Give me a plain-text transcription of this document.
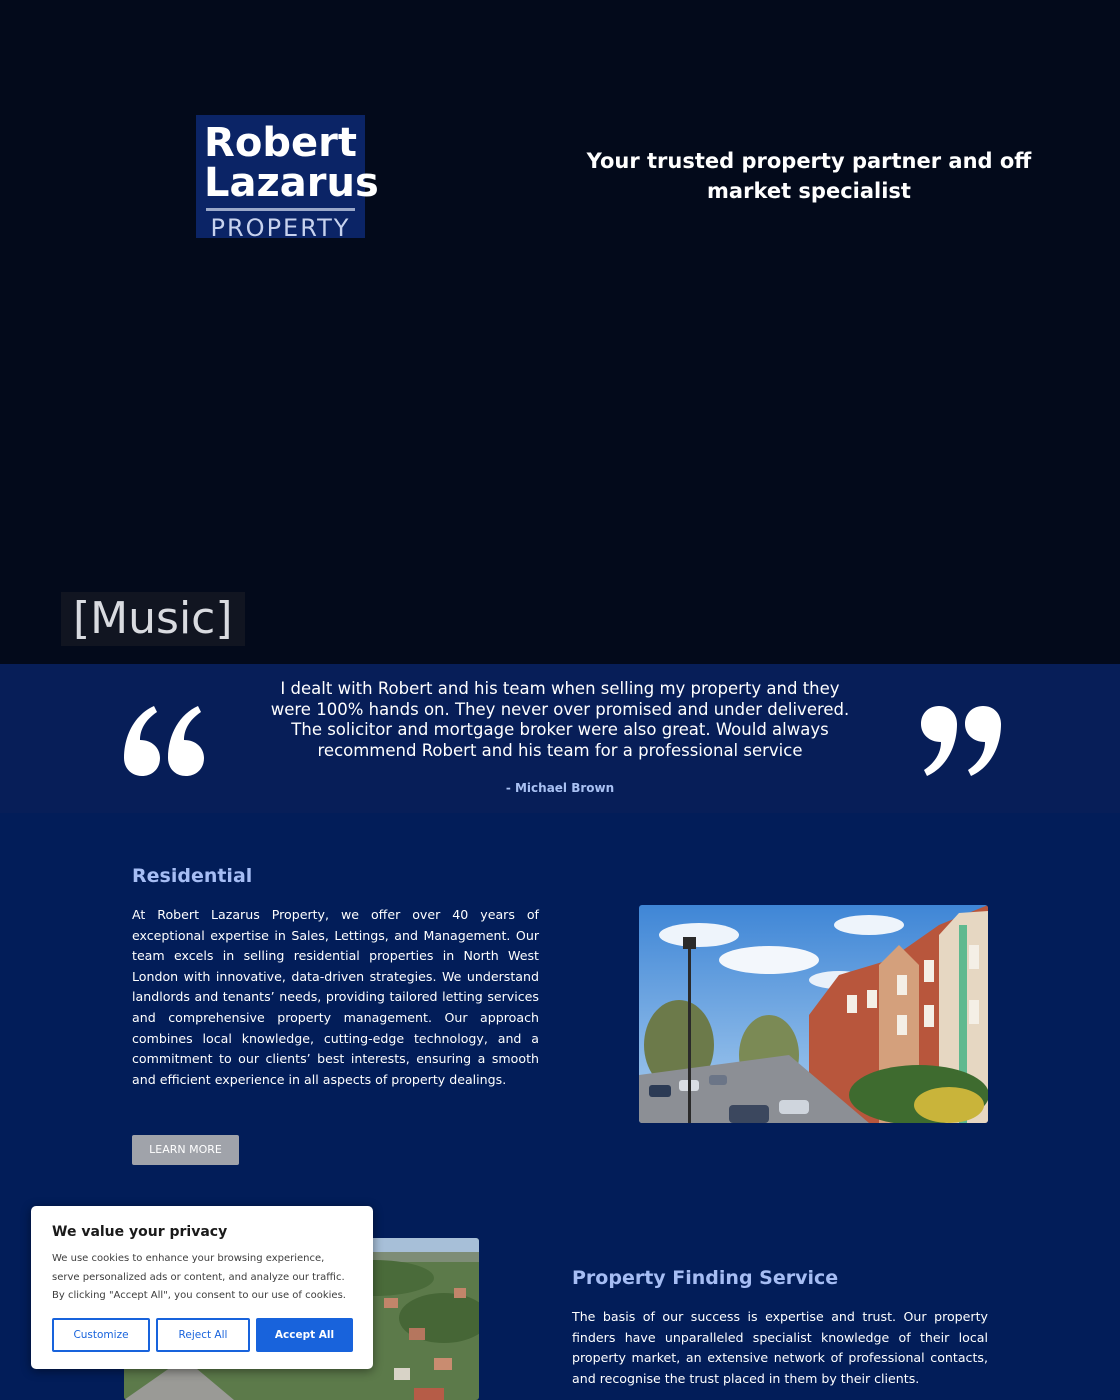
Robert
Lazarus
PROPERTY
Your trusted property partner and off market specialist
[Music]
I dealt with Robert and his team when selling my property and they were 100% hands on. They never over promised and under delivered. The solicitor and mortgage broker were also great. Would always recommend Robert and his team for a professional service
- Michael Brown
Residential

At Robert Lazarus Property, we offer over 40 years of exceptional expertise in Sales, Lettings, and Management. Our team excels in selling residential properties in North West London with innovative, data-driven strategies. We understand landlords and tenants’ needs, providing tailored letting services and comprehensive property management. Our approach combines local knowledge, cutting-edge technology, and a commitment to our clients’ best interests, ensuring a smooth and efficient experience in all aspects of property dealings.

LEARN MORE
Property Finding Service

The basis of our success is expertise and trust. Our property finders have unparalleled specialist knowledge of their local property market, an extensive network of professional contacts, and recognise the trust placed in them by their clients.

We value your privacy
We use cookies to enhance your browsing experience, serve personalized ads or content, and analyze our traffic. By clicking "Accept All", you consent to our use of cookies.
Customize	Reject All	Accept All
